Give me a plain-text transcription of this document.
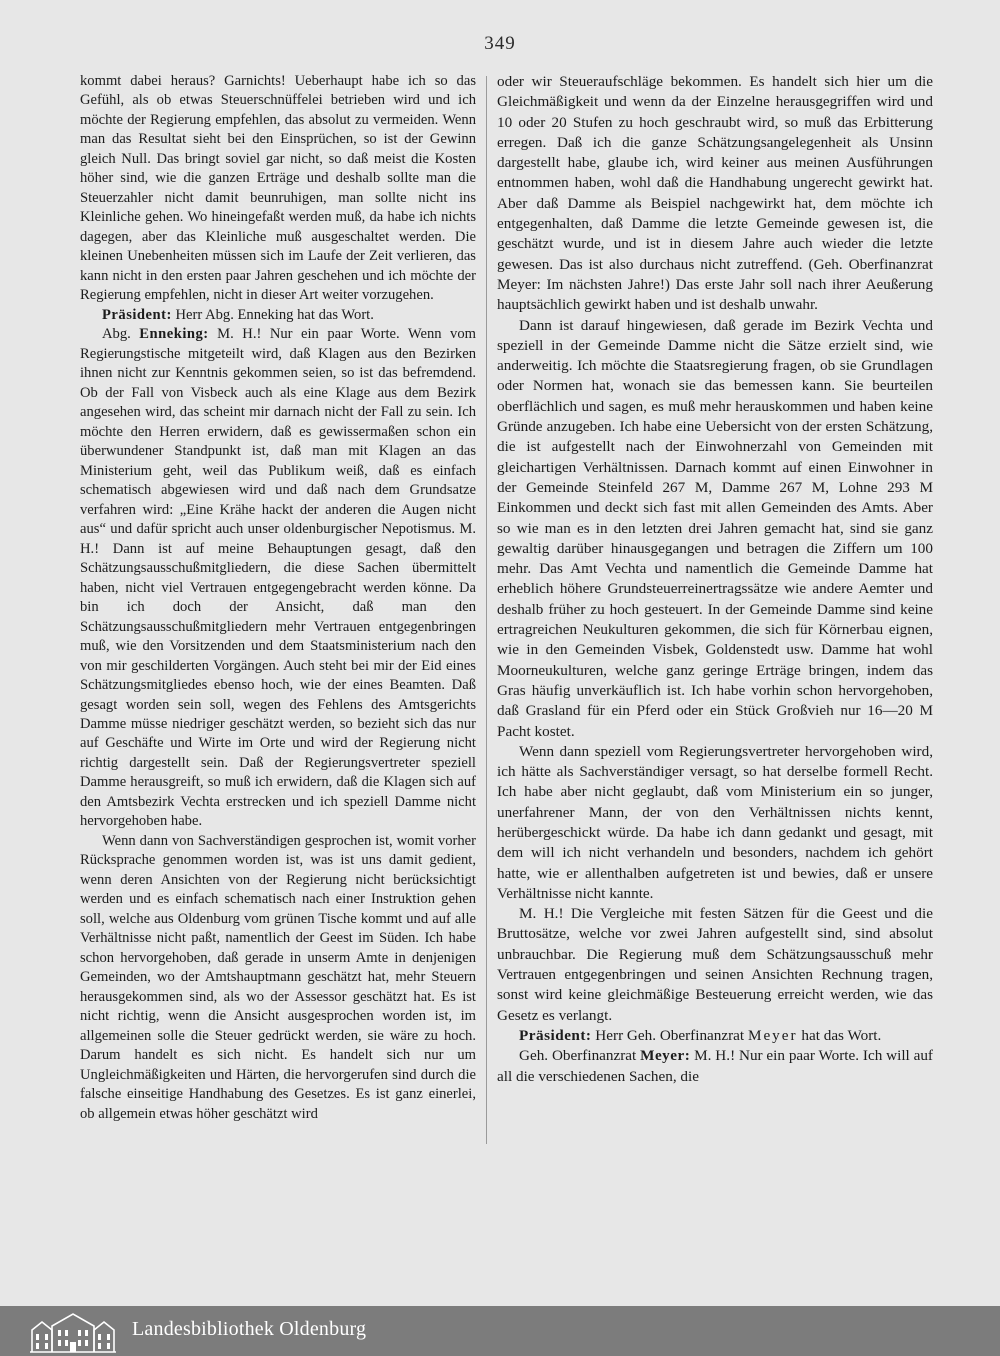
349

kommt dabei heraus? Garnichts! Ueberhaupt habe ich so das Gefühl, als ob etwas Steuerschnüffelei betrieben wird und ich möchte der Regierung empfehlen, das absolut zu vermeiden. Wenn man das Resultat sieht bei den Einsprüchen, so ist der Gewinn gleich Null. Das bringt soviel gar nicht, so daß meist die Kosten höher sind, wie die ganzen Erträge und deshalb sollte man die Steuerzahler nicht damit beunruhigen, man sollte nicht ins Kleinliche gehen. Wo hineingefaßt werden muß, da habe ich nichts dagegen, aber das Kleinliche muß ausgeschaltet werden. Die kleinen Unebenheiten müssen sich im Laufe der Zeit verlieren, das kann nicht in den ersten paar Jahren geschehen und ich möchte der Regierung empfehlen, nicht in dieser Art weiter vorzugehen.

Präsident: Herr Abg. Enneking hat das Wort.

Abg. Enneking: M. H.! Nur ein paar Worte. Wenn vom Regierungstische mitgeteilt wird, daß Klagen aus den Bezirken ihnen nicht zur Kenntnis gekommen seien, so ist das befremdend. Ob der Fall von Visbeck auch als eine Klage aus dem Bezirk angesehen wird, das scheint mir darnach nicht der Fall zu sein. Ich möchte den Herren erwidern, daß es gewissermaßen schon ein überwundener Standpunkt ist, daß man mit Klagen an das Ministerium geht, weil das Publikum weiß, daß es einfach schematisch abgewiesen wird und daß nach dem Grundsatze verfahren wird: „Eine Krähe hackt der anderen die Augen nicht aus“ und dafür spricht auch unser oldenburgischer Nepotismus. M. H.! Dann ist auf meine Behauptungen gesagt, daß den Schätzungsausschußmitgliedern, die diese Sachen übermittelt haben, nicht viel Vertrauen entgegengebracht werden könne. Da bin ich doch der Ansicht, daß man den Schätzungsausschußmitgliedern mehr Vertrauen entgegenbringen muß, wie den Vorsitzenden und dem Staatsministerium nach den von mir geschilderten Vorgängen. Auch steht bei mir der Eid eines Schätzungsmitgliedes ebenso hoch, wie der eines Beamten. Daß gesagt worden sein soll, wegen des Fehlens des Amtsgerichts Damme müsse niedriger geschätzt werden, so bezieht sich das nur auf Geschäfte und Wirte im Orte und wird der Regierung nicht richtig dargestellt sein. Daß der Regierungsvertreter speziell Damme herausgreift, so muß ich erwidern, daß die Klagen sich auf den Amtsbezirk Vechta erstrecken und ich speziell Damme nicht hervorgehoben habe.

Wenn dann von Sachverständigen gesprochen ist, womit vorher Rücksprache genommen worden ist, was ist uns damit gedient, wenn deren Ansichten von der Regierung nicht berücksichtigt werden und es einfach schematisch nach einer Instruktion gehen soll, welche aus Oldenburg vom grünen Tische kommt und auf alle Verhältnisse nicht paßt, namentlich der Geest im Süden. Ich habe schon hervorgehoben, daß gerade in unserm Amte in denjenigen Gemeinden, wo der Amtshauptmann geschätzt hat, mehr Steuern herausgekommen sind, als wo der Assessor geschätzt hat. Es ist nicht richtig, wenn die Ansicht ausgesprochen worden ist, im allgemeinen solle die Steuer gedrückt werden, sie wäre zu hoch. Darum handelt es sich nicht. Es handelt sich nur um Ungleichmäßigkeiten und Härten, die hervorgerufen sind durch die falsche einseitige Handhabung des Gesetzes. Es ist ganz einerlei, ob allgemein etwas höher geschätzt wird

oder wir Steueraufschläge bekommen. Es handelt sich hier um die Gleichmäßigkeit und wenn da der Einzelne herausgegriffen wird und 10 oder 20 Stufen zu hoch geschraubt wird, so muß das Erbitterung erregen. Daß ich die ganze Schätzungsangelegenheit als Unsinn dargestellt habe, glaube ich, wird keiner aus meinen Ausführungen entnommen haben, wohl daß die Handhabung ungerecht gewirkt hat. Aber daß Damme als Beispiel nachgewirkt hat, dem möchte ich entgegenhalten, daß Damme die letzte Gemeinde gewesen ist, die geschätzt wurde, und ist in diesem Jahre auch wieder die letzte gewesen. Das ist also durchaus nicht zutreffend. (Geh. Oberfinanzrat Meyer: Im nächsten Jahre!) Das erste Jahr soll nach ihrer Aeußerung hauptsächlich gewirkt haben und ist deshalb unwahr.

Dann ist darauf hingewiesen, daß gerade im Bezirk Vechta und speziell in der Gemeinde Damme nicht die Sätze erzielt sind, wie anderweitig. Ich möchte die Staatsregierung fragen, ob sie Grundlagen oder Normen hat, wonach sie das bemessen kann. Sie beurteilen oberflächlich und sagen, es muß mehr herauskommen und haben keine Gründe anzugeben. Ich habe eine Uebersicht von der ersten Schätzung, die ist aufgestellt nach der Einwohnerzahl von Gemeinden mit gleichartigen Verhältnissen. Darnach kommt auf einen Einwohner in der Gemeinde Steinfeld 267 M, Damme 267 M, Lohne 293 M Einkommen und deckt sich fast mit allen Gemeinden des Amts. Aber so wie man es in den letzten drei Jahren gemacht hat, sind sie ganz gewaltig darüber hinausgegangen und betragen die Ziffern um 100 mehr. Das Amt Vechta und namentlich die Gemeinde Damme hat erheblich höhere Grundsteuerreinertragssätze wie andere Aemter und deshalb früher zu hoch gesteuert. In der Gemeinde Damme sind keine ertragreichen Neukulturen gekommen, die sich für Körnerbau eignen, wie in den Gemeinden Visbek, Goldenstedt usw. Damme hat wohl Moorneukulturen, welche ganz geringe Erträge bringen, indem das Gras häufig unverkäuflich ist. Ich habe vorhin schon hervorgehoben, daß Grasland für ein Pferd oder ein Stück Großvieh nur 16—20 M Pacht kostet.

Wenn dann speziell vom Regierungsvertreter hervorgehoben wird, ich hätte als Sachverständiger versagt, so hat derselbe formell Recht. Ich habe aber nicht geglaubt, daß vom Ministerium ein so junger, unerfahrener Mann, der von den Verhältnissen nichts kennt, herübergeschickt würde. Da habe ich dann gedankt und gesagt, mit dem will ich nicht verhandeln und besonders, nachdem ich gehört hatte, wie er allenthalben aufgetreten ist und bewies, daß er unsere Verhältnisse nicht kannte.

M. H.! Die Vergleiche mit festen Sätzen für die Geest und die Bruttosätze, welche vor zwei Jahren aufgestellt sind, sind absolut unbrauchbar. Die Regierung muß dem Schätzungsausschuß mehr Vertrauen entgegenbringen und seinen Ansichten Rechnung tragen, sonst wird keine gleichmäßige Besteuerung erreicht werden, wie das Gesetz es verlangt.

Präsident: Herr Geh. Oberfinanzrat Meyer hat das Wort.

Geh. Oberfinanzrat Meyer: M. H.! Nur ein paar Worte. Ich will auf all die verschiedenen Sachen, die

Landesbibliothek Oldenburg
